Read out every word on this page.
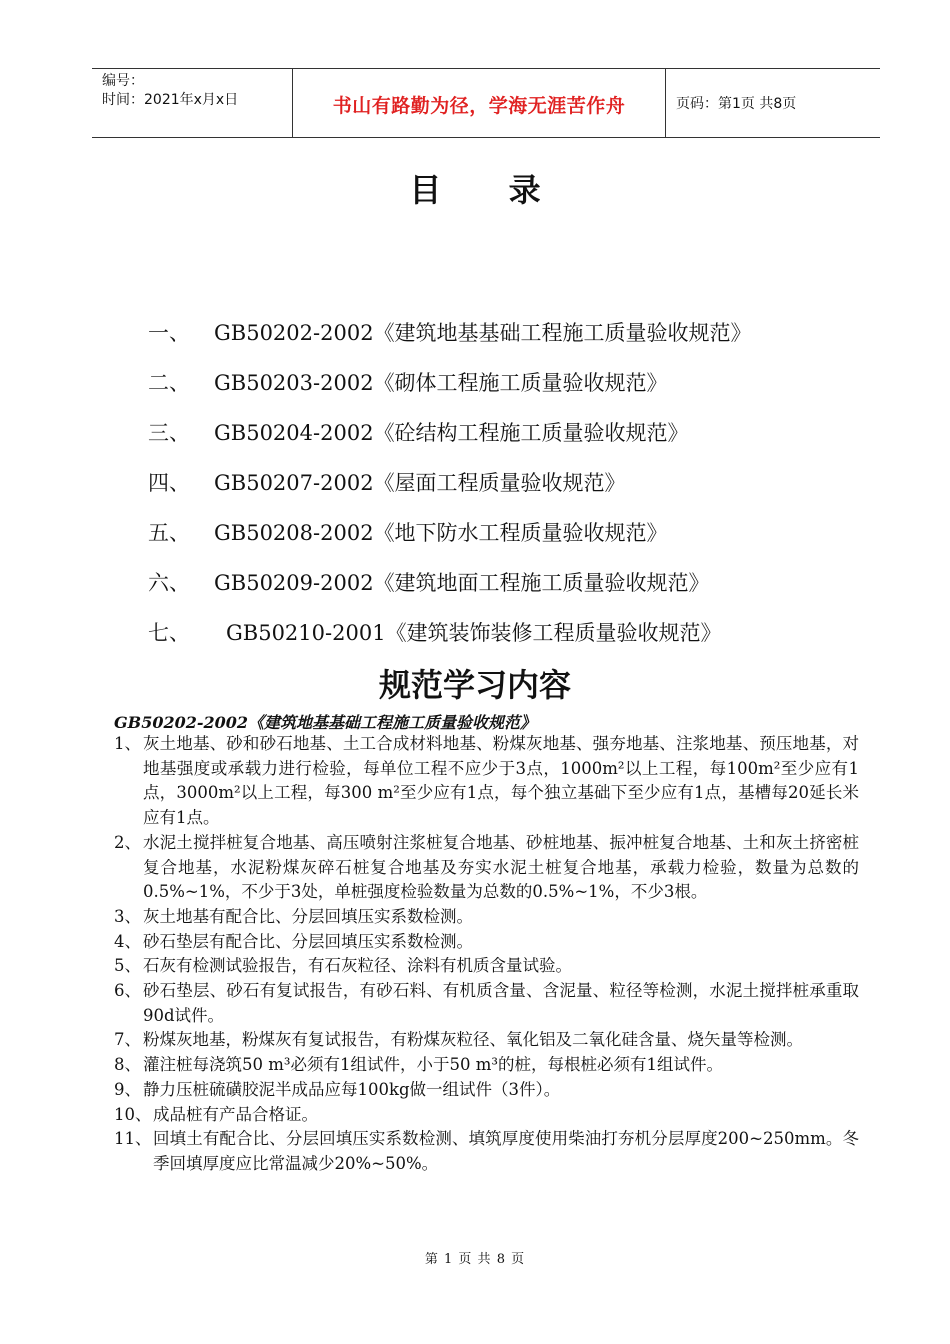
编号：
时间：2021年x月x日	书山有路勤为径，学海无涯苦作舟	页码：第1页 共8页
目 录
一、 GB50202-2002《建筑地基基础工程施工质量验收规范》
二、 GB50203-2002《砌体工程施工质量验收规范》
三、 GB50204-2002《砼结构工程施工质量验收规范》
四、 GB50207-2002《屋面工程质量验收规范》
五、 GB50208-2002《地下防水工程质量验收规范》
六、 GB50209-2002《建筑地面工程施工质量验收规范》
七、 GB50210-2001《建筑装饰装修工程质量验收规范》
规范学习内容
GB50202-2002《建筑地基基础工程施工质量验收规范》
1、 灰土地基、砂和砂石地基、土工合成材料地基、粉煤灰地基、强夯地基、注浆地基、预压地基，对地基强度或承载力进行检验，每单位工程不应少于3点，1000m²以上工程，每100m²至少应有1点，3000m²以上工程，每300 m²至少应有1点，每个独立基础下至少应有1点，基槽每20延长米应有1点。
2、 水泥土搅拌桩复合地基、高压喷射注浆桩复合地基、砂桩地基、振冲桩复合地基、土和灰土挤密桩复合地基，水泥粉煤灰碎石桩复合地基及夯实水泥土桩复合地基，承载力检验，数量为总数的0.5%~1%，不少于3处，单桩强度检验数量为总数的0.5%~1%，不少3根。
3、 灰土地基有配合比、分层回填压实系数检测。
4、 砂石垫层有配合比、分层回填压实系数检测。
5、 石灰有检测试验报告，有石灰粒径、涂料有机质含量试验。
6、 砂石垫层、砂石有复试报告，有砂石料、有机质含量、含泥量、粒径等检测，水泥土搅拌桩承重取90d试件。
7、 粉煤灰地基，粉煤灰有复试报告，有粉煤灰粒径、氧化铝及二氧化硅含量、烧矢量等检测。
8、 灌注桩每浇筑50 m³必须有1组试件，小于50 m³的桩，每根桩必须有1组试件。
9、 静力压桩硫磺胶泥半成品应每100kg做一组试件（3件）。
10、 成品桩有产品合格证。
11、 回填土有配合比、分层回填压实系数检测、填筑厚度使用柴油打夯机分层厚度200~250mm。冬季回填厚度应比常温减少20%~50%。
第 1 页 共 8 页
